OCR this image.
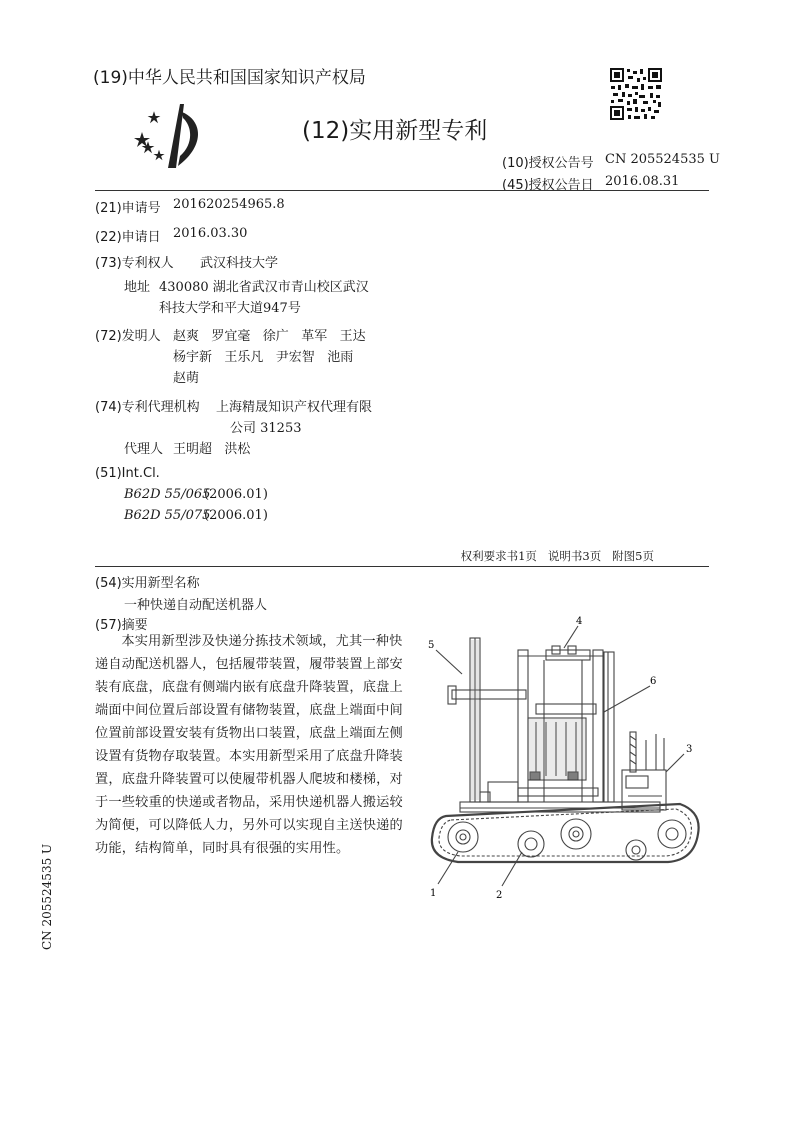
(19)中华人民共和国国家知识产权局
(12)实用新型专利
(10)授权公告号 CN 205524535 U
(45)授权公告日 2016.08.31
(21)申请号 201620254965.8
(22)申请日 2016.03.30
(73)专利权人 武汉科技大学
地址 430080 湖北省武汉市青山校区武汉
科技大学和平大道947号
(72)发明人 赵爽   罗宜毫   徐广   革军   王达
杨宇新   王乐凡   尹宏智   池雨
赵萌
(74)专利代理机构 上海精晟知识产权代理有限
公司 31253
代理人 王明超   洪松
(51)Int.Cl.
B62D 55/065
(2006.01)
B62D 55/075
(2006.01)
权利要求书1页   说明书3页   附图5页
(54)实用新型名称
一种快递自动配送机器人
(57)摘要

本实用新型涉及快递分拣技术领域，尤其一种快递自动配送机器人，包括履带装置，履带装置上部安装有底盘，底盘有侧端内嵌有底盘升降装置，底盘上端面中间位置后部设置有储物装置，底盘上端面中间位置前部设置安装有货物出口装置，底盘上端面左侧设置有货物存取装置。本实用新型采用了底盘升降装置，底盘升降装置可以使履带机器人爬坡和楼梯，对于一些较重的快递或者物品，采用快递机器人搬运较为简便，可以降低人力，另外可以实现自主送快递的功能，结构简单，同时具有很强的实用性。

5
4
6
3
1	2
CN 205524535 U
